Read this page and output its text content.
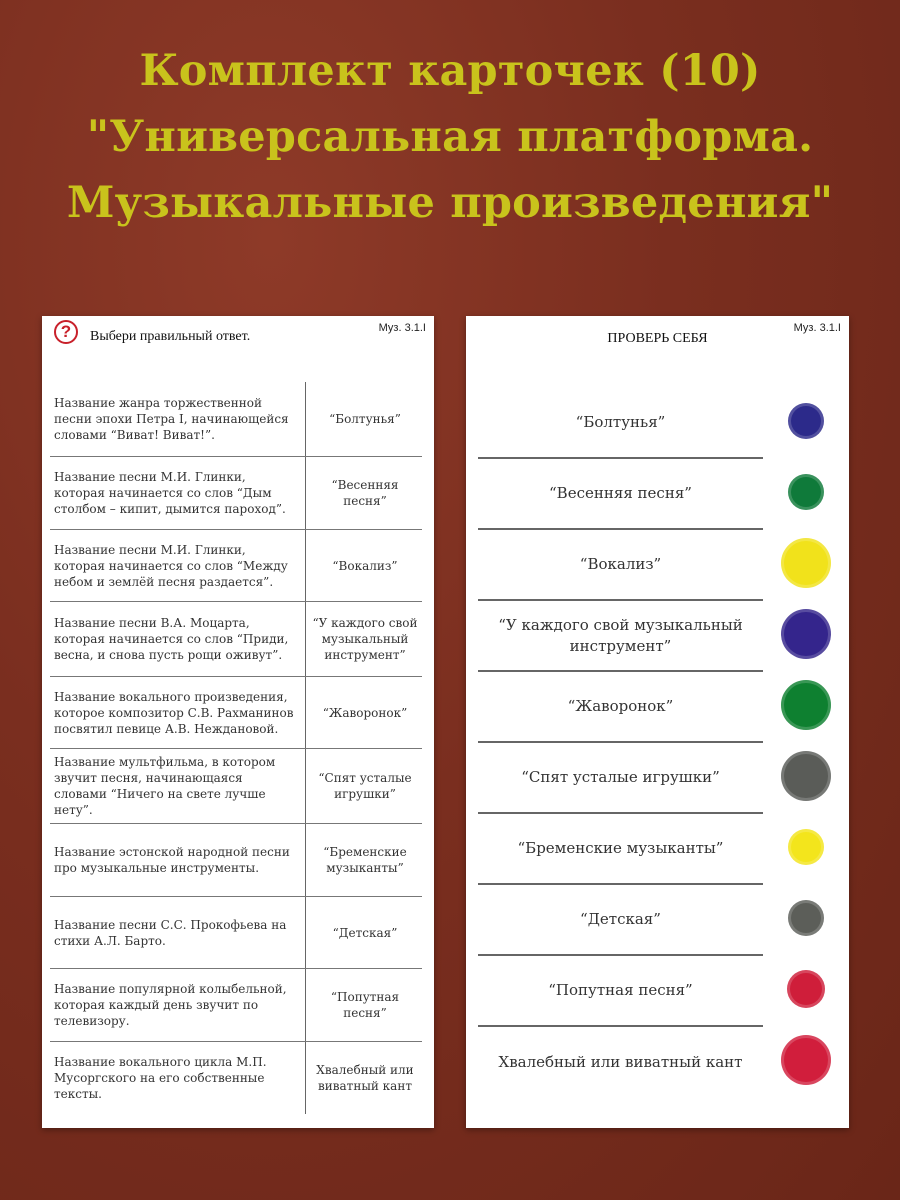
Комплект карточек (10)
"Универсальная платформа.
Музыкальные произведения"
?	Выбери правильный ответ.
Муз. 3.1.I
Название жанра торжественной песни эпохи Петра I, начинающейся словами “Виват! Виват!”.
“Болтунья”
Название песни М.И. Глинки, которая начинается со слов “Дым столбом – кипит, дымится пароход”.
“Весенняя песня”
Название песни М.И. Глинки, которая начинается со слов “Между небом и землёй песня раздается”.
“Вокализ”
Название песни В.А. Моцарта, которая начинается со слов “Приди, весна, и снова пусть рощи оживут”.
“У каждого свой музыкальный инструмент”
Название вокального произведения, которое композитор С.В. Рахманинов посвятил певице А.В. Неждановой.
“Жаворонок”
Название мультфильма, в котором звучит песня, начинающаяся словами “Ничего на свете лучше нету”.
“Спят усталые игрушки”
Название эстонской народной песни про музыкальные инструменты.
“Бременские музыканты”
Название песни С.С. Прокофьева на стихи А.Л. Барто.
“Детская”
Название популярной колыбельной, которая каждый день звучит по телевизору.
“Попутная песня”
Название вокального цикла М.П. Мусоргского на его собственные тексты.
Хвалебный или виватный кант
ПРОВЕРЬ СЕБЯ
Муз. 3.1.I
“Болтунья”
“Весенняя песня”
“Вокализ”
“У каждого свой музыкальный инструмент”
“Жаворонок”
“Спят усталые игрушки”
“Бременские музыканты”
“Детская”
“Попутная песня”
Хвалебный или виватный кант
